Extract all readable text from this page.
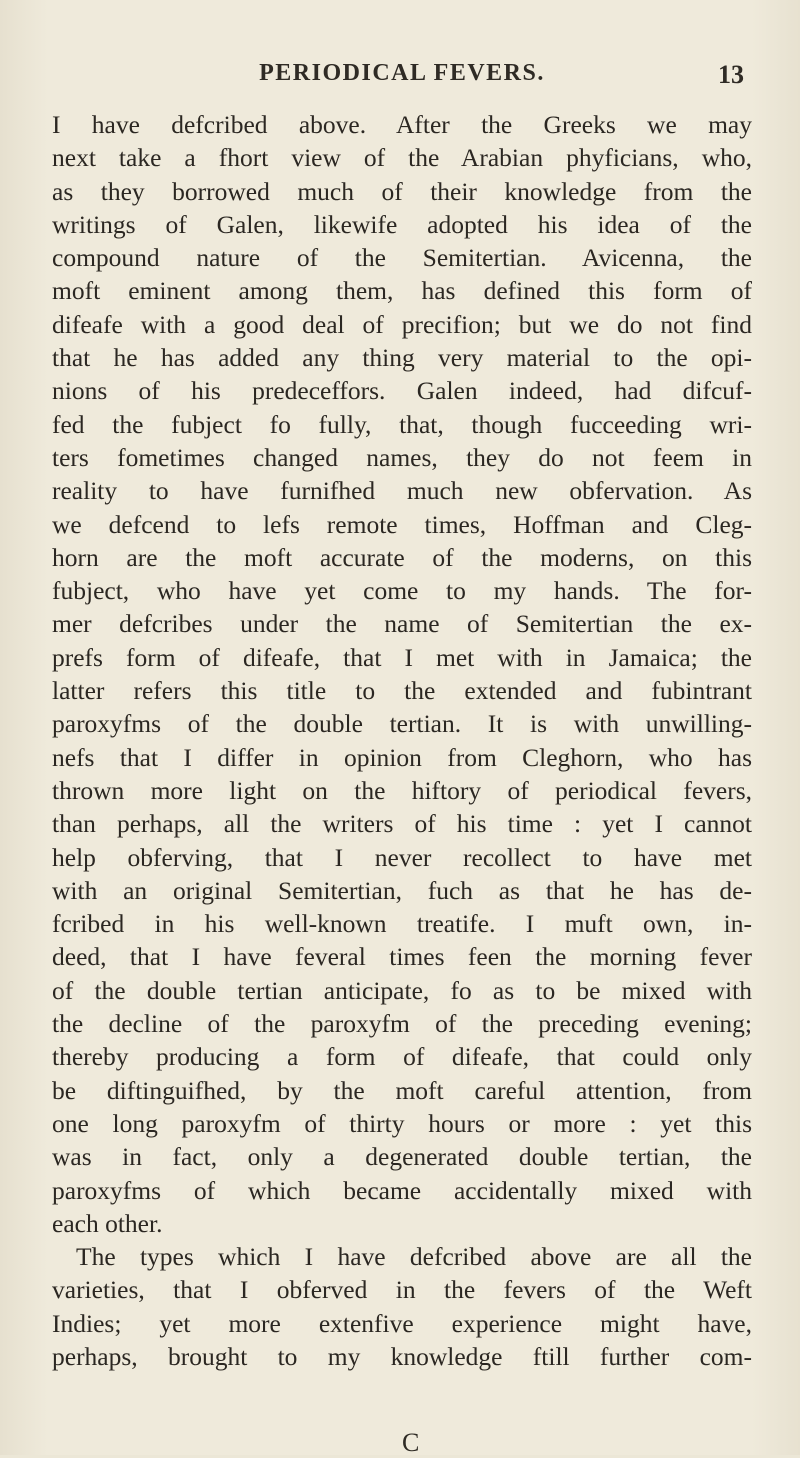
PERIODICAL FEVERS.	13
I have defcribed above. After the Greeks we may
next take a fhort view of the Arabian phyficians, who,
as they borrowed much of their knowledge from the
writings of Galen, likewife adopted his idea of the
compound nature of the Semitertian. Avicenna, the
moft eminent among them, has defined this form of
difeafe with a good deal of precifion; but we do not find
that he has added any thing very material to the opi-
nions of his predeceffors. Galen indeed, had difcuf-
fed the fubject fo fully, that, though fucceeding wri-
ters fometimes changed names, they do not feem in
reality to have furnifhed much new obfervation. As
we defcend to lefs remote times, Hoffman and Cleg-
horn are the moft accurate of the moderns, on this
fubject, who have yet come to my hands. The for-
mer defcribes under the name of Semitertian the ex-
prefs form of difeafe, that I met with in Jamaica; the
latter refers this title to the extended and fubintrant
paroxyfms of the double tertian. It is with unwilling-
nefs that I differ in opinion from Cleghorn, who has
thrown more light on the hiftory of periodical fevers,
than perhaps, all the writers of his time : yet I cannot
help obferving, that I never recollect to have met
with an original Semitertian, fuch as that he has de-
fcribed in his well-known treatife. I muft own, in-
deed, that I have feveral times feen the morning fever
of the double tertian anticipate, fo as to be mixed with
the decline of the paroxyfm of the preceding evening;
thereby producing a form of difeafe, that could only
be diftinguifhed, by the moft careful attention, from
one long paroxyfm of thirty hours or more : yet this
was in fact, only a degenerated double tertian, the
paroxyfms of which became accidentally mixed with
each other.
The types which I have defcribed above are all the
varieties, that I obferved in the fevers of the Weft
Indies; yet more extenfive experience might have,
perhaps, brought to my knowledge ftill further com-
C
